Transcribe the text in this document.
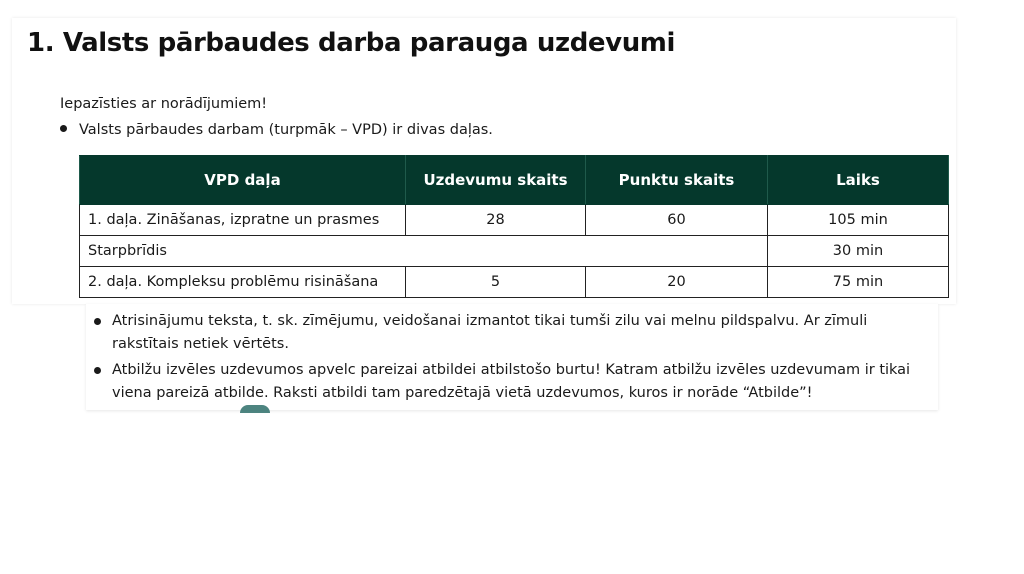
1. Valsts pārbaudes darba parauga uzdevumi
Iepazīsties ar norādījumiem!
Valsts pārbaudes darbam (turpmāk – VPD) ir divas daļas.
VPD daļa	Uzdevumu skaits	Punktu skaits	Laiks
1. daļa. Zināšanas, izpratne un prasmes	28	60	105 min
Starpbrīdis			30 min
2. daļa. Kompleksu problēmu risināšana	5	20	75 min
Atrisinājumu teksta, t. sk. zīmējumu, veidošanai izmantot tikai tumši zilu vai melnu pildspalvu. Ar zīmuli rakstītais netiek vērtēts.
Atbilžu izvēles uzdevumos apvelc pareizai atbildei atbilstošo burtu! Katram atbilžu izvēles uzdevumam ir tikai viena pareizā atbilde. Raksti atbildi tam paredzētajā vietā uzdevumos, kuros ir norāde “Atbilde”!
